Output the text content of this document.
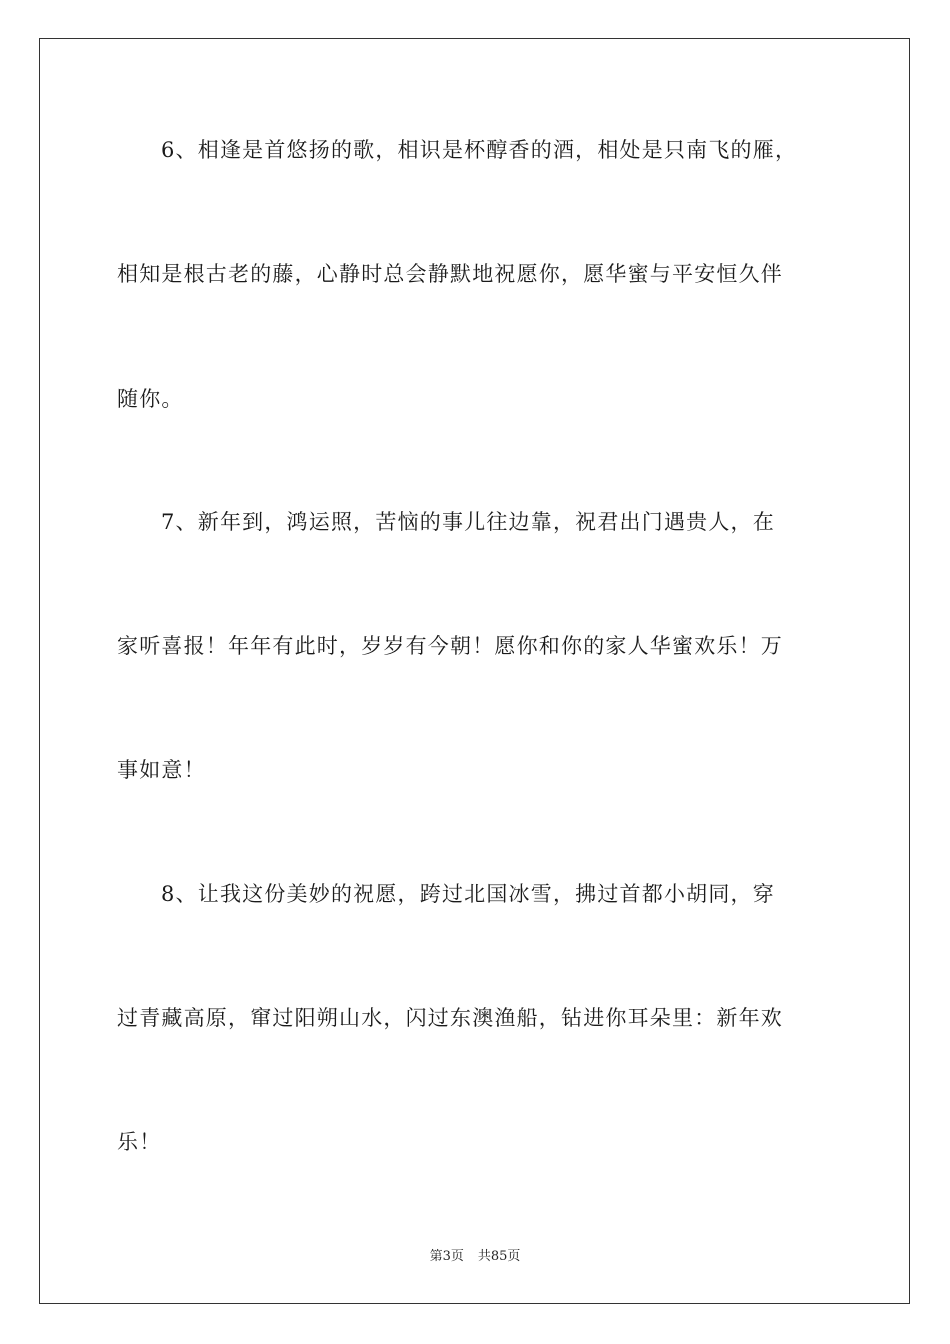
6、相逢是首悠扬的歌，相识是杯醇香的酒，相处是只南飞的雁，
相知是根古老的藤，心静时总会静默地祝愿你，愿华蜜与平安恒久伴
随你。
7、新年到，鸿运照，苦恼的事儿往边靠，祝君出门遇贵人，在
家听喜报！年年有此时，岁岁有今朝！愿你和你的家人华蜜欢乐！万
事如意！
8、让我这份美妙的祝愿，跨过北国冰雪，拂过首都小胡同，穿
过青藏高原，窜过阳朔山水，闪过东澳渔船，钻进你耳朵里：新年欢
乐！
第3页 共85页
